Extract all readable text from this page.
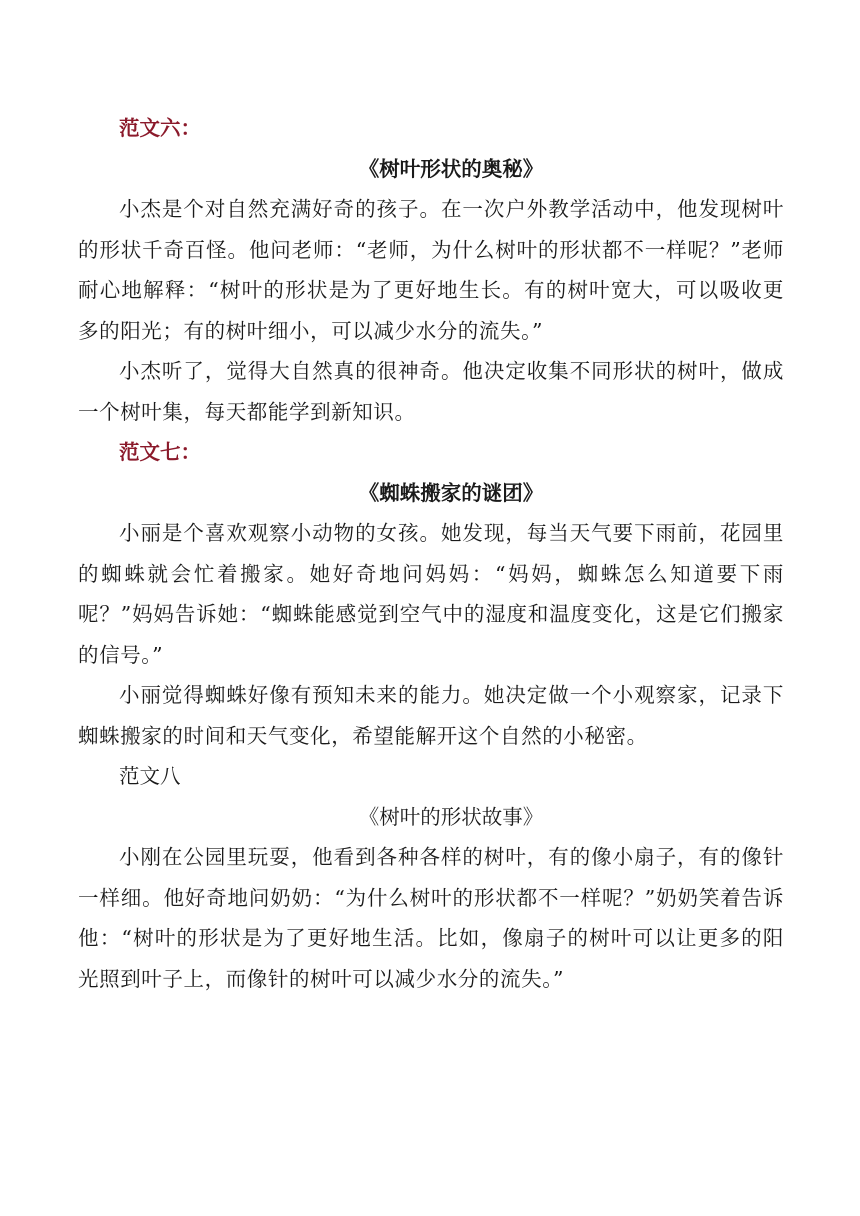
范文六：
《树叶形状的奥秘》
小杰是个对自然充满好奇的孩子。在一次户外教学活动中，他发现树叶的形状千奇百怪。他问老师：“老师，为什么树叶的形状都不一样呢？”老师耐心地解释：“树叶的形状是为了更好地生长。有的树叶宽大，可以吸收更多的阳光；有的树叶细小，可以减少水分的流失。”
小杰听了，觉得大自然真的很神奇。他决定收集不同形状的树叶，做成一个树叶集，每天都能学到新知识。
范文七：
《蜘蛛搬家的谜团》
小丽是个喜欢观察小动物的女孩。她发现，每当天气要下雨前，花园里的蜘蛛就会忙着搬家。她好奇地问妈妈：“妈妈，蜘蛛怎么知道要下雨呢？”妈妈告诉她：“蜘蛛能感觉到空气中的湿度和温度变化，这是它们搬家的信号。”
小丽觉得蜘蛛好像有预知未来的能力。她决定做一个小观察家，记录下蜘蛛搬家的时间和天气变化，希望能解开这个自然的小秘密。
范文八
《树叶的形状故事》
小刚在公园里玩耍，他看到各种各样的树叶，有的像小扇子，有的像针一样细。他好奇地问奶奶：“为什么树叶的形状都不一样呢？”奶奶笑着告诉他：“树叶的形状是为了更好地生活。比如，像扇子的树叶可以让更多的阳光照到叶子上，而像针的树叶可以减少水分的流失。”
